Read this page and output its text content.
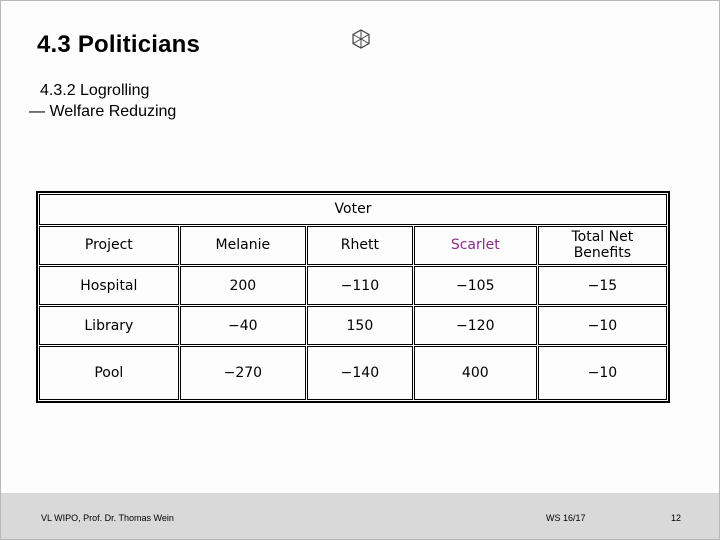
4.3 Politicians
4.3.2 Logrolling
— Welfare Reduzing
Voter				
Project	Melanie	Rhett	Scarlet	Total Net Benefits
Hospital	200	−110	−105	−15
Library	−40	150	−120	−10
Pool	−270	−140	400	−10
VL WIPO, Prof. Dr. Thomas Wein	WS 16/17	12
